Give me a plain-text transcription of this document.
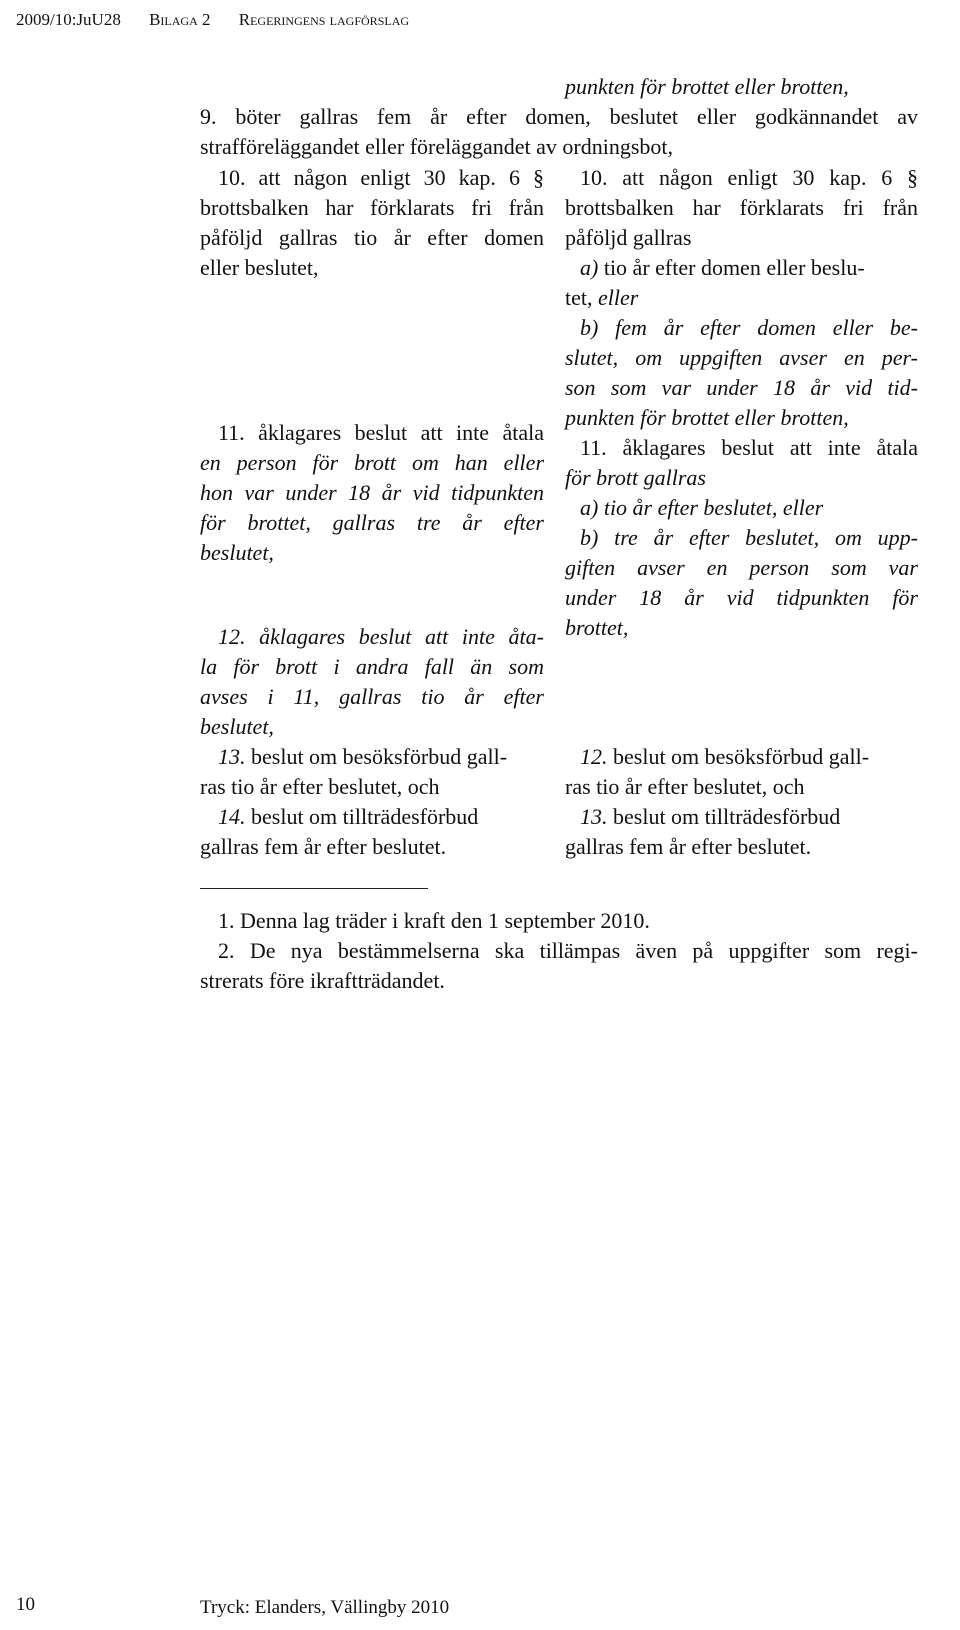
2009/10:JuU28 Bilaga 2 Regeringens lagförslag
punkten för brottet eller brotten,
9. böter gallras fem år efter domen, beslutet eller godkännandet av
strafföreläggandet eller föreläggandet av ordningsbot,
10. att någon enligt 30 kap. 6 §
brottsbalken har förklarats fri från
påföljd gallras tio år efter domen
eller beslutet,
11. åklagares beslut att inte åtala
en person för brott om han eller
hon var under 18 år vid tidpunkten
för brottet, gallras tre år efter
beslutet,
12. åklagares beslut att inte åta-
la för brott i andra fall än som
avses i 11, gallras tio år efter
beslutet,
13. beslut om besöksförbud gall-
ras tio år efter beslutet, och
14. beslut om tillträdesförbud
gallras fem år efter beslutet.
10. att någon enligt 30 kap. 6 §
brottsbalken har förklarats fri från
påföljd gallras
a) tio år efter domen eller beslu-
tet, eller
b) fem år efter domen eller be-
slutet, om uppgiften avser en per-
son som var under 18 år vid tid-
punkten för brottet eller brotten,
11. åklagares beslut att inte åtala
för brott gallras
a) tio år efter beslutet, eller
b) tre år efter beslutet, om upp-
giften avser en person som var
under 18 år vid tidpunkten för
brottet,
12. beslut om besöksförbud gall-
ras tio år efter beslutet, och
13. beslut om tillträdesförbud
gallras fem år efter beslutet.
1. Denna lag träder i kraft den 1 september 2010.
2. De nya bestämmelserna ska tillämpas även på uppgifter som regi-
strerats före ikraftträdandet.
10	Tryck: Elanders, Vällingby 2010
